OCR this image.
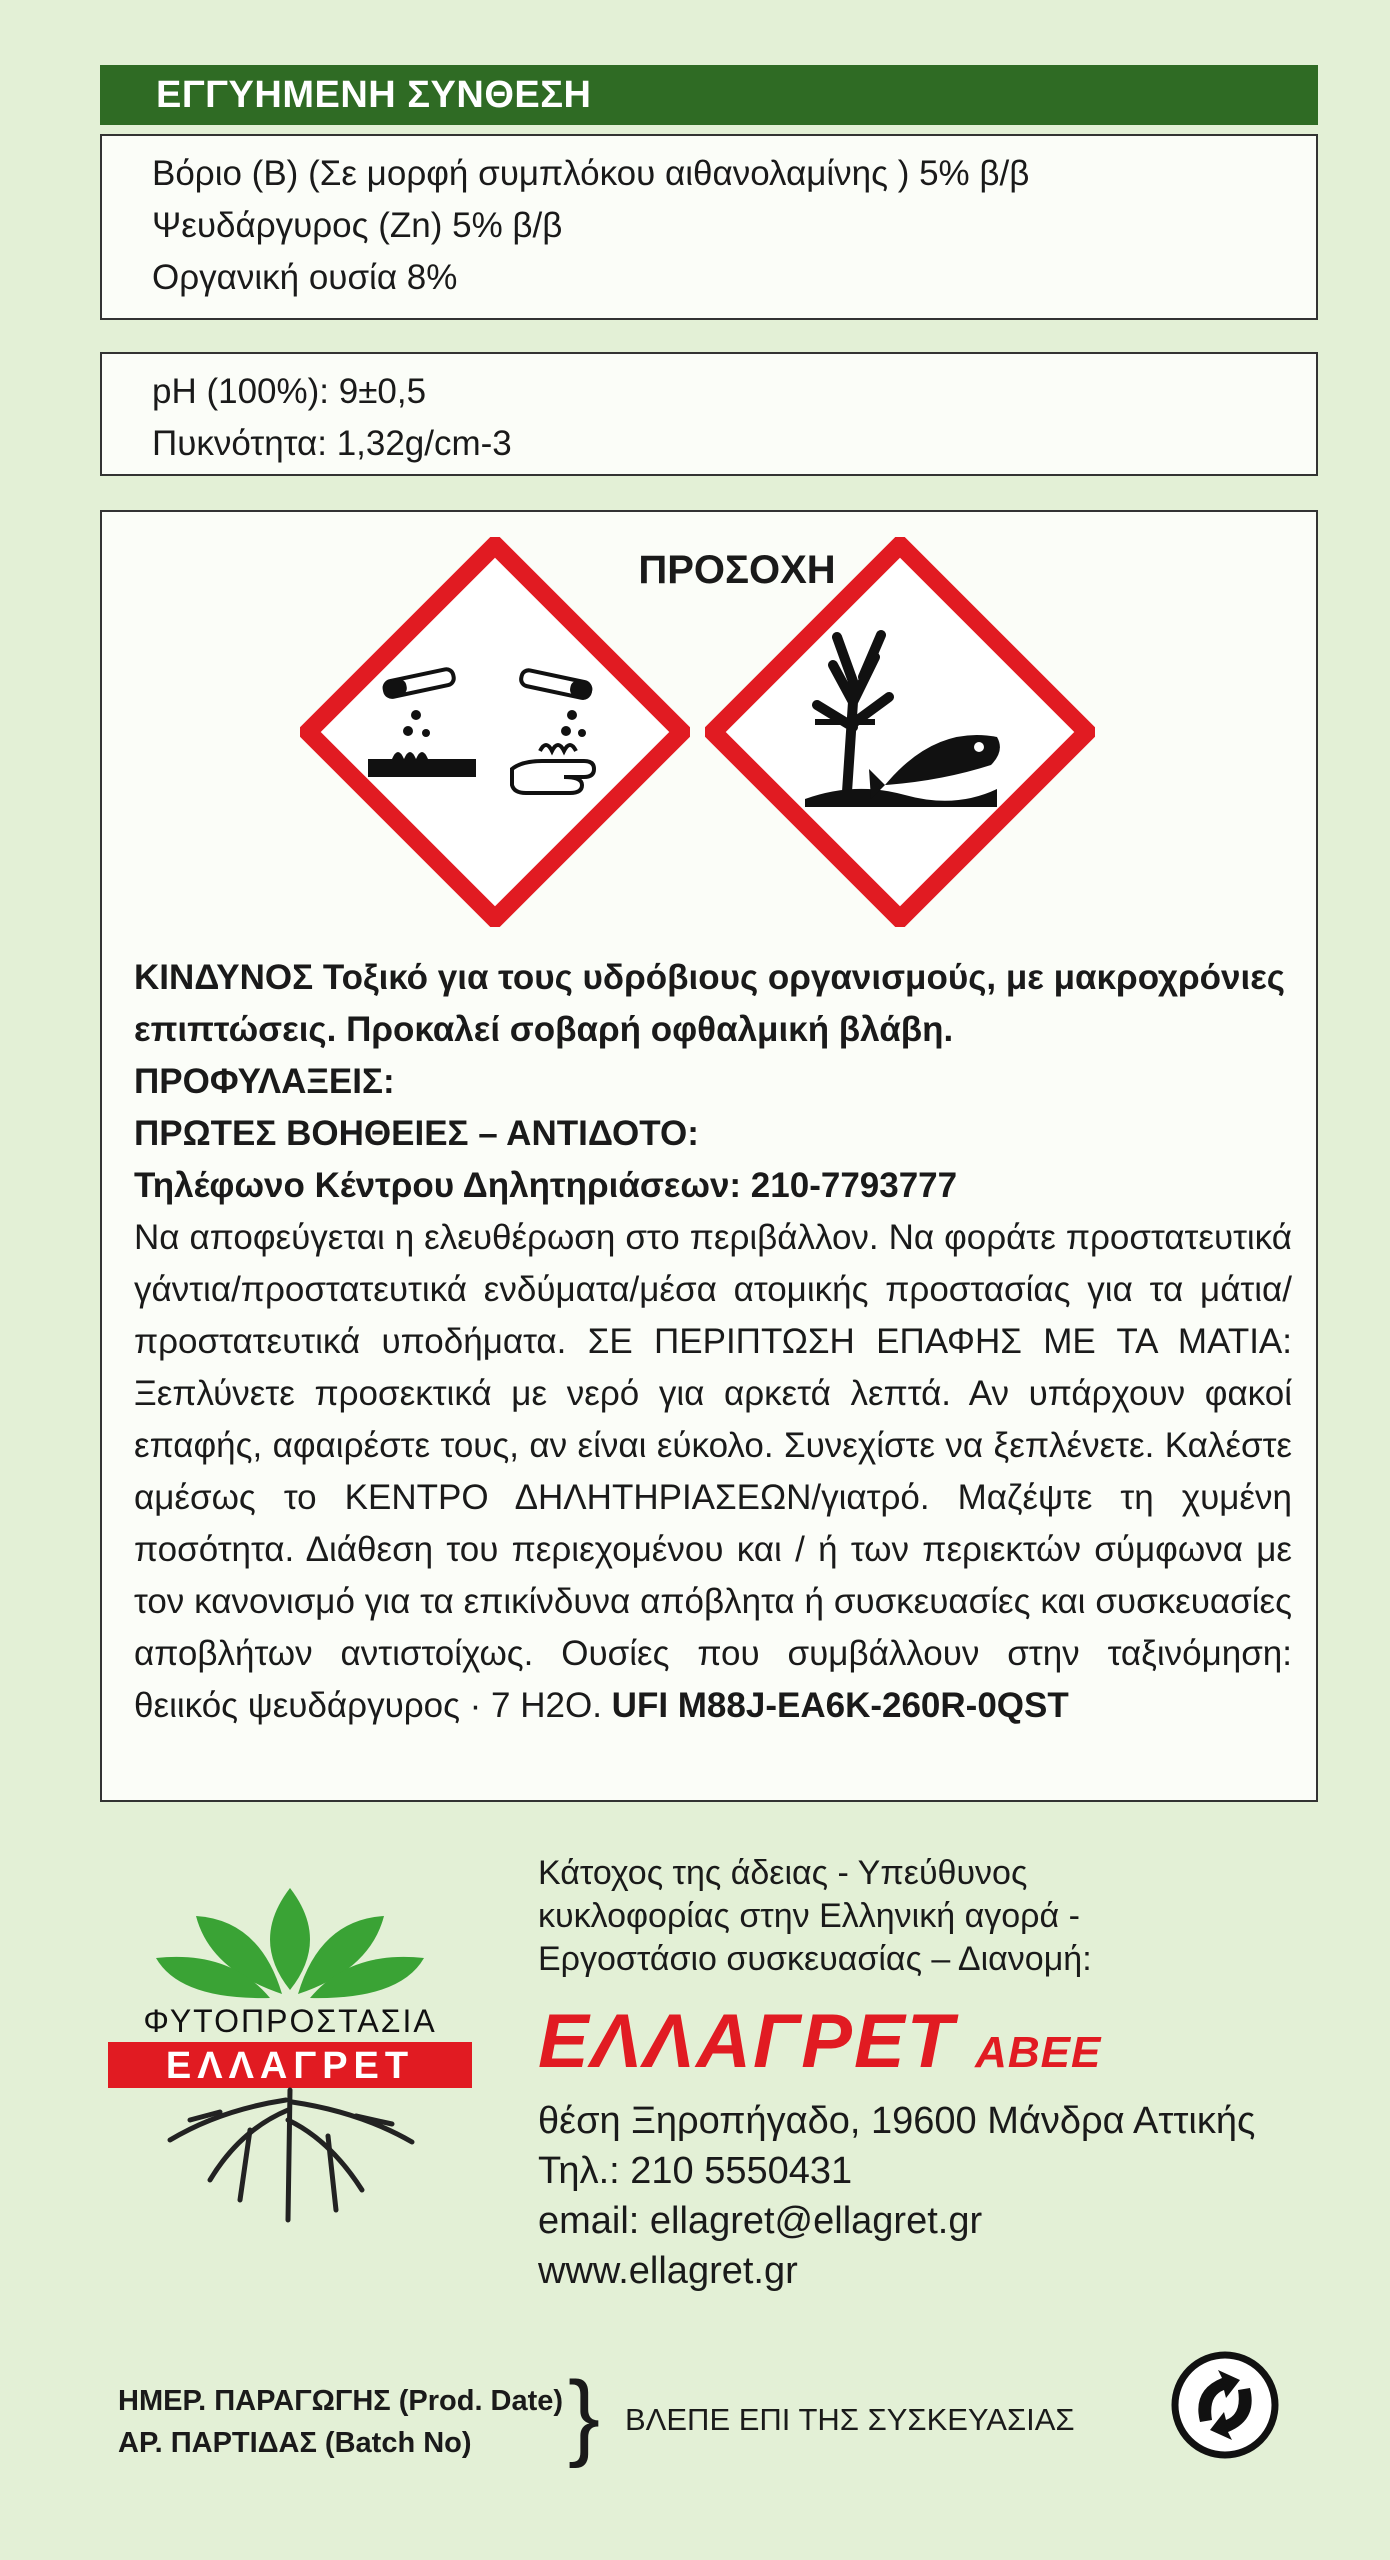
ΕΓΓΥΗΜΕΝΗ ΣΥΝΘΕΣΗ
Βόριο (B) (Σε μορφή συμπλόκου αιθανολαμίνης ) 5% β/β
Ψευδάργυρος (Zn) 5% β/β
Οργανική ουσία 8%
pH (100%): 9±0,5
Πυκνότητα: 1,32g/cm-3
ΠΡΟΣΟΧΗ
ΚΙΝΔΥΝΟΣ Τοξικό για τους υδρόβιους οργανισμούς, με μακροχρόνιες επιπτώσεις. Προκαλεί σοβαρή οφθαλμική βλάβη.
ΠΡΟΦΥΛΑΞΕΙΣ:
ΠΡΩΤΕΣ ΒΟΗΘΕΙΕΣ – ΑΝΤΙΔΟΤΟ:
Τηλέφωνο Κέντρου Δηλητηριάσεων: 210-7793777
Να αποφεύγεται η ελευθέρωση στο περιβάλλον. Να φοράτε προστατευτικά γάντια/προστατευτικά ενδύματα/μέσα ατομικής προστασίας για τα μάτια/προστατευτικά υποδήματα. ΣΕ ΠΕΡΙΠΤΩΣΗ ΕΠΑΦΗΣ ΜΕ ΤΑ ΜΑΤΙΑ: Ξεπλύνετε προσεκτικά με νερό για αρκετά λεπτά. Αν υπάρχουν φακοί επαφής, αφαιρέστε τους, αν είναι εύκολο. Συνεχίστε να ξεπλένετε. Καλέστε αμέσως το ΚΕΝΤΡΟ ΔΗΛΗΤΗΡΙΑΣΕΩΝ/γιατρό. Μαζέψτε τη χυμένη ποσότητα. Διάθεση του περιεχομένου και / ή των περιεκτών σύμφωνα με τον κανονισμό για τα επικίνδυνα απόβλητα ή συσκευασίες και συσκευασίες αποβλήτων αντιστοίχως. Ουσίες που συμβάλλουν στην ταξινόμηση: θειικός ψευδάργυρος · 7 H2O. UFI M88J-EA6K-260R-0QST
ΦΥΤΟΠΡΟΣΤΑΣΙΑ
ΕΛΛΑΓΡΕΤ
Κάτοχος της άδειας - Υπεύθυνος
κυκλοφορίας στην Ελληνική αγορά -
Εργοστάσιο συσκευασίας – Διανομή:
ΕΛΛΑΓΡΕΤ ΑΒΕΕ
θέση Ξηροπήγαδο, 19600 Μάνδρα Αττικής
Τηλ.: 210 5550431
email: ellagret@ellagret.gr
www.ellagret.gr
ΗΜΕΡ. ΠΑΡΑΓΩΓΗΣ (Prod. Date)
ΑΡ. ΠΑΡΤΙΔΑΣ (Batch No)	} ΒΛΕΠΕ ΕΠΙ ΤΗΣ ΣΥΣΚΕΥΑΣΙΑΣ
